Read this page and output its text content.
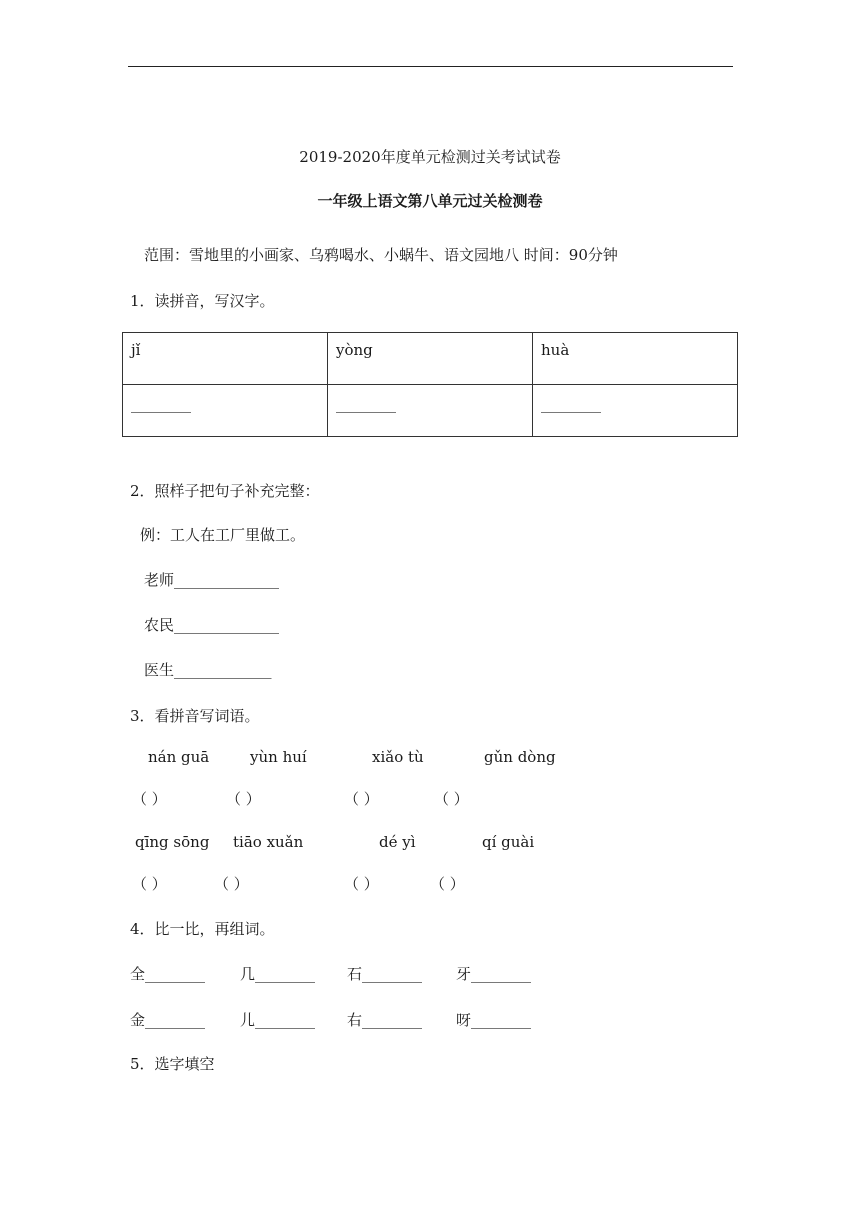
2019-2020年度单元检测过关考试试卷
一年级上语文第八单元过关检测卷
范围：雪地里的小画家、乌鸦喝水、小蜗牛、语文园地八 时间：90分钟
1．读拼音，写汉字。
jǐ	yòng	huà
________	________	________
2．照样子把句子补充完整：
例：工人在工厂里做工。
老师______________
农民______________
医生_____________
3．看拼音写词语。
nán guā	yùn huí	xiǎo tù	gǔn dòng
（ ）	（ ）	（ ）	（ ）
qīng sōng tiāo xuǎn	dé yì	qí guài
（ ）	（ ）	（ ）	（ ）
4．比一比，再组词。
全________ 几________ 石________ 牙________
金________ 儿________ 右________ 呀________
5．选字填空
